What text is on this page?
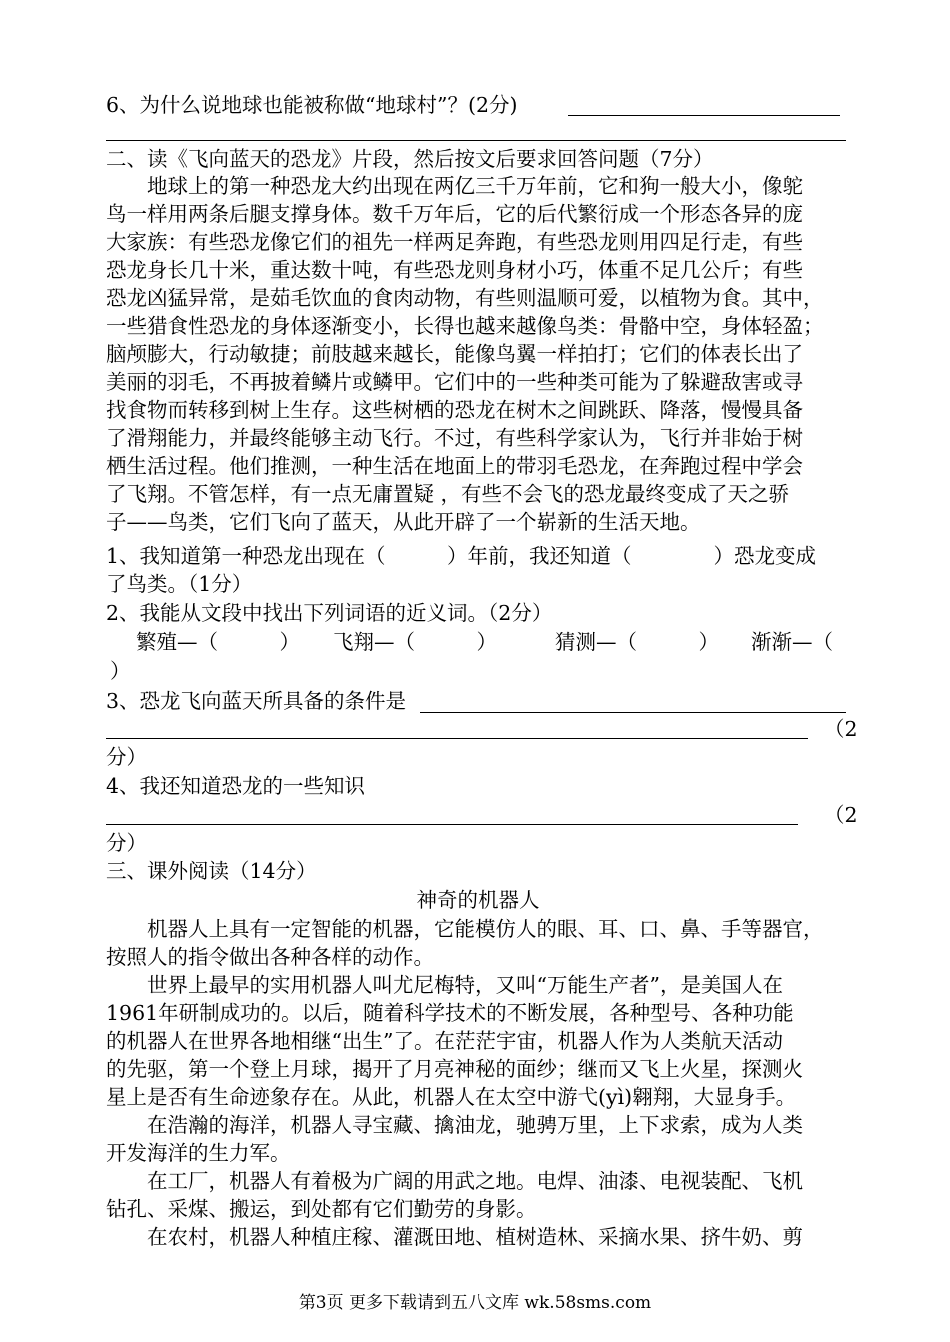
6、为什么说地球也能被称做“地球村”？(2分)
二、读《飞向蓝天的恐龙》片段，然后按文后要求回答问题（7分）
地球上的第一种恐龙大约出现在两亿三千万年前，它和狗一般大小，像鸵
鸟一样用两条后腿支撑身体。数千万年后，它的后代繁衍成一个形态各异的庞
大家族：有些恐龙像它们的祖先一样两足奔跑，有些恐龙则用四足行走，有些
恐龙身长几十米，重达数十吨，有些恐龙则身材小巧，体重不足几公斤；有些
恐龙凶猛异常，是茹毛饮血的食肉动物，有些则温顺可爱，以植物为食。其中，
一些猎食性恐龙的身体逐渐变小，长得也越来越像鸟类：骨骼中空，身体轻盈；
脑颅膨大，行动敏捷；前肢越来越长，能像鸟翼一样拍打；它们的体表长出了
美丽的羽毛，不再披着鳞片或鳞甲。它们中的一些种类可能为了躲避敌害或寻
找食物而转移到树上生存。这些树栖的恐龙在树木之间跳跃、降落，慢慢具备
了滑翔能力，并最终能够主动飞行。不过，有些科学家认为，飞行并非始于树
栖生活过程。他们推测，一种生活在地面上的带羽毛恐龙，在奔跑过程中学会
了飞翔。不管怎样，有一点无庸置疑 ，有些不会飞的恐龙最终变成了天之骄
子——鸟类，它们飞向了蓝天，从此开辟了一个崭新的生活天地。
1、我知道第一种恐龙出现在（　　　）年前，我还知道（　　　　）恐龙变成
了鸟类。（1分）
2、我能从文段中找出下列词语的近义词。（2分）
繁殖—（　　　）	飞翔—（　　　）	猜测—（　　　）	渐渐—（
）
3、恐龙飞向蓝天所具备的条件是
（2
分）
4、我还知道恐龙的一些知识
（2
分）
三、课外阅读（14分）
神奇的机器人
　　机器人上具有一定智能的机器，它能模仿人的眼、耳、口、鼻、手等器官，
按照人的指令做出各种各样的动作。
　　世界上最早的实用机器人叫尤尼梅特，又叫“万能生产者”，是美国人在
1961年研制成功的。以后，随着科学技术的不断发展，各种型号、各种功能
的机器人在世界各地相继“出生”了。在茫茫宇宙，机器人作为人类航天活动
的先驱，第一个登上月球，揭开了月亮神秘的面纱；继而又飞上火星，探测火
星上是否有生命迹象存在。从此，机器人在太空中游弋(yì)翱翔，大显身手。
　　在浩瀚的海洋，机器人寻宝藏、擒油龙，驰骋万里，上下求索，成为人类
开发海洋的生力军。
　　在工厂，机器人有着极为广阔的用武之地。电焊、油漆、电视装配、飞机
钻孔、采煤、搬运，到处都有它们勤劳的身影。
　　在农村，机器人种植庄稼、灌溉田地、植树造林、采摘水果、挤牛奶、剪
第3页 更多下载请到五八文库 wk.58sms.com
